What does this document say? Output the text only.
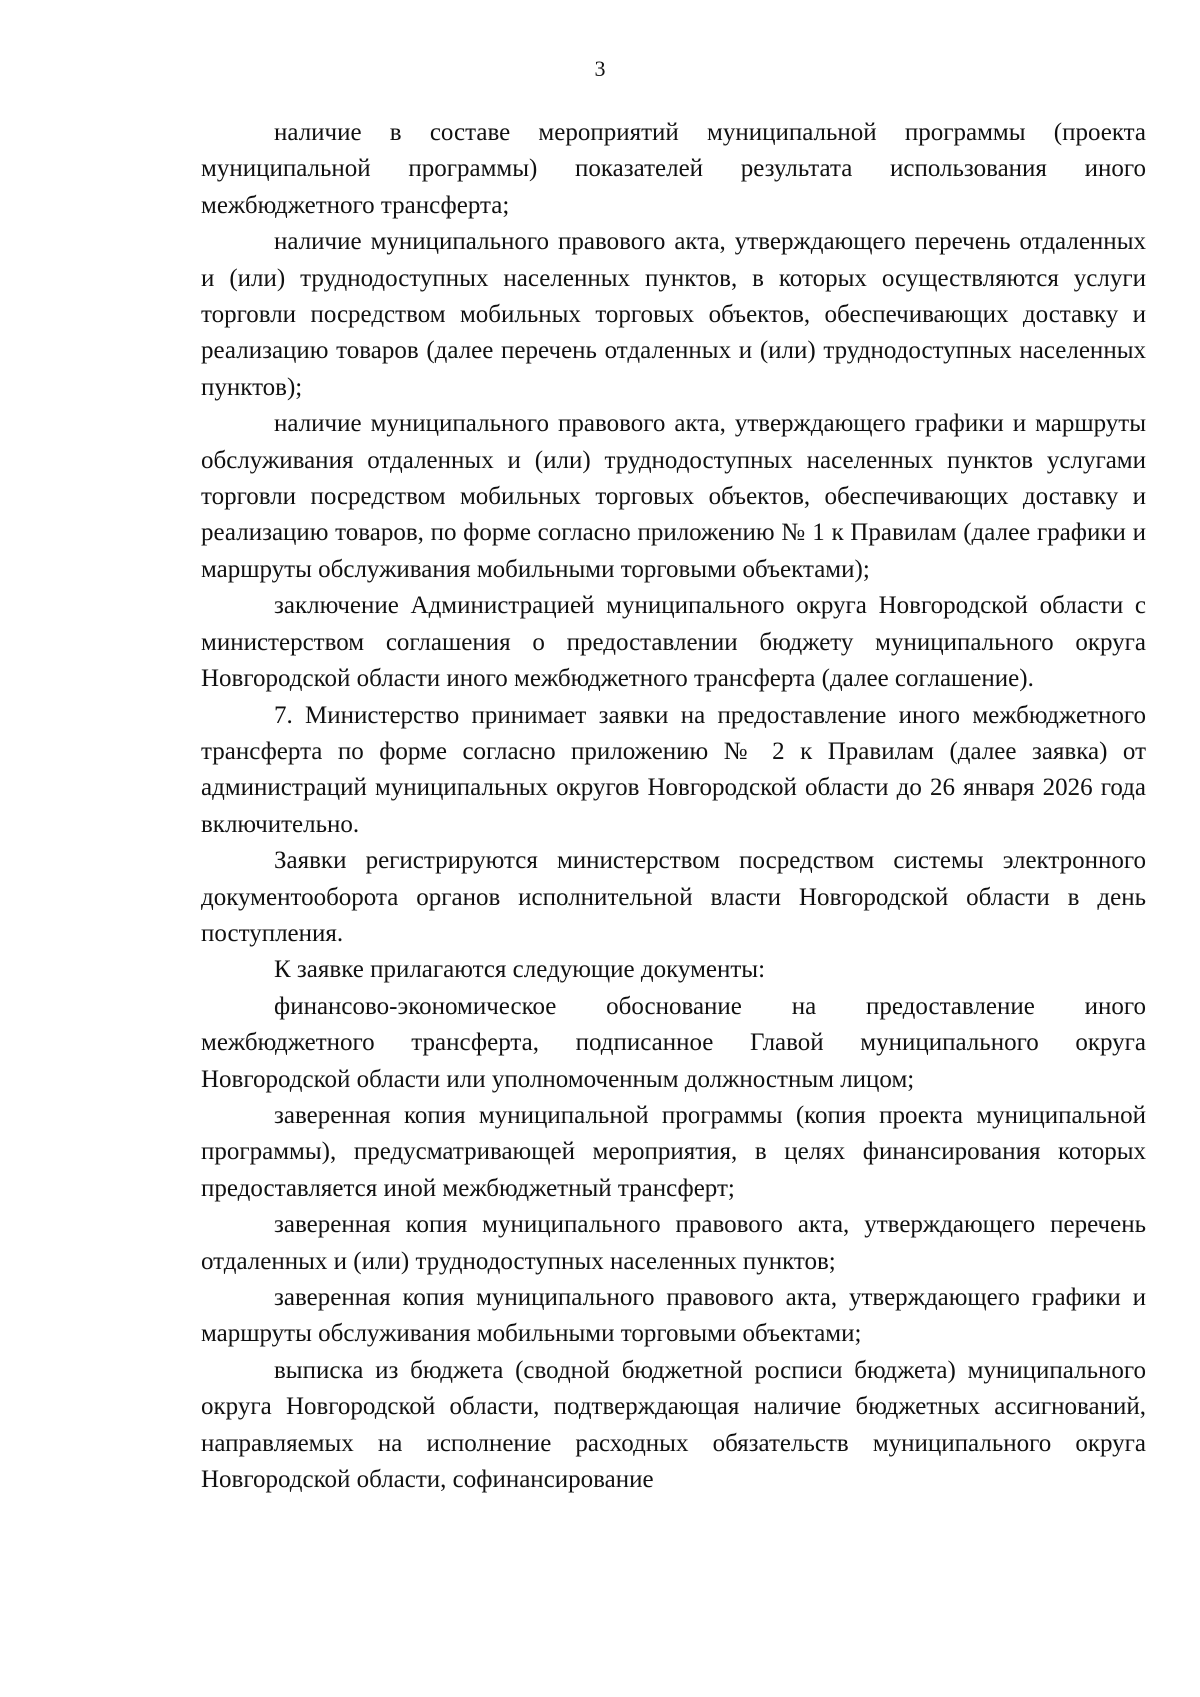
3

наличие в составе мероприятий муниципальной программы (проекта муниципальной программы) показателей результата использования иного межбюджетного трансферта;

наличие муниципального правового акта, утверждающего перечень отдаленных и (или) труднодоступных населенных пунктов, в которых осуществляются услуги торговли посредством мобильных торговых объектов, обеспечивающих доставку и реализацию товаров (далее перечень отдаленных и (или) труднодоступных населенных пунктов);

наличие муниципального правового акта, утверждающего графики и маршруты обслуживания отдаленных и (или) труднодоступных населенных пунктов услугами торговли посредством мобильных торговых объектов, обеспечивающих доставку и реализацию товаров, по форме согласно приложению № 1 к Правилам (далее графики и маршруты обслуживания мобильными торговыми объектами);

заключение Администрацией муниципального округа Новгородской области с министерством соглашения о предоставлении бюджету муниципального округа Новгородской области иного межбюджетного трансферта (далее соглашение).

7. Министерство принимает заявки на предоставление иного межбюджетного трансферта по форме согласно приложению № 2 к Правилам (далее заявка) от администраций муниципальных округов Новгородской области до 26 января 2026 года включительно.

Заявки регистрируются министерством посредством системы электронного документооборота органов исполнительной власти Новгородской области в день поступления.

К заявке прилагаются следующие документы:

финансово-экономическое обоснование на предоставление иного межбюджетного трансферта, подписанное Главой муниципального округа Новгородской области или уполномоченным должностным лицом;

заверенная копия муниципальной программы (копия проекта муниципальной программы), предусматривающей мероприятия, в целях финансирования которых предоставляется иной межбюджетный трансферт;

заверенная копия муниципального правового акта, утверждающего перечень отдаленных и (или) труднодоступных населенных пунктов;

заверенная копия муниципального правового акта, утверждающего графики и маршруты обслуживания мобильными торговыми объектами;

выписка из бюджета (сводной бюджетной росписи бюджета) муниципального округа Новгородской области, подтверждающая наличие бюджетных ассигнований, направляемых на исполнение расходных обязательств муниципального округа Новгородской области, софинансирование
